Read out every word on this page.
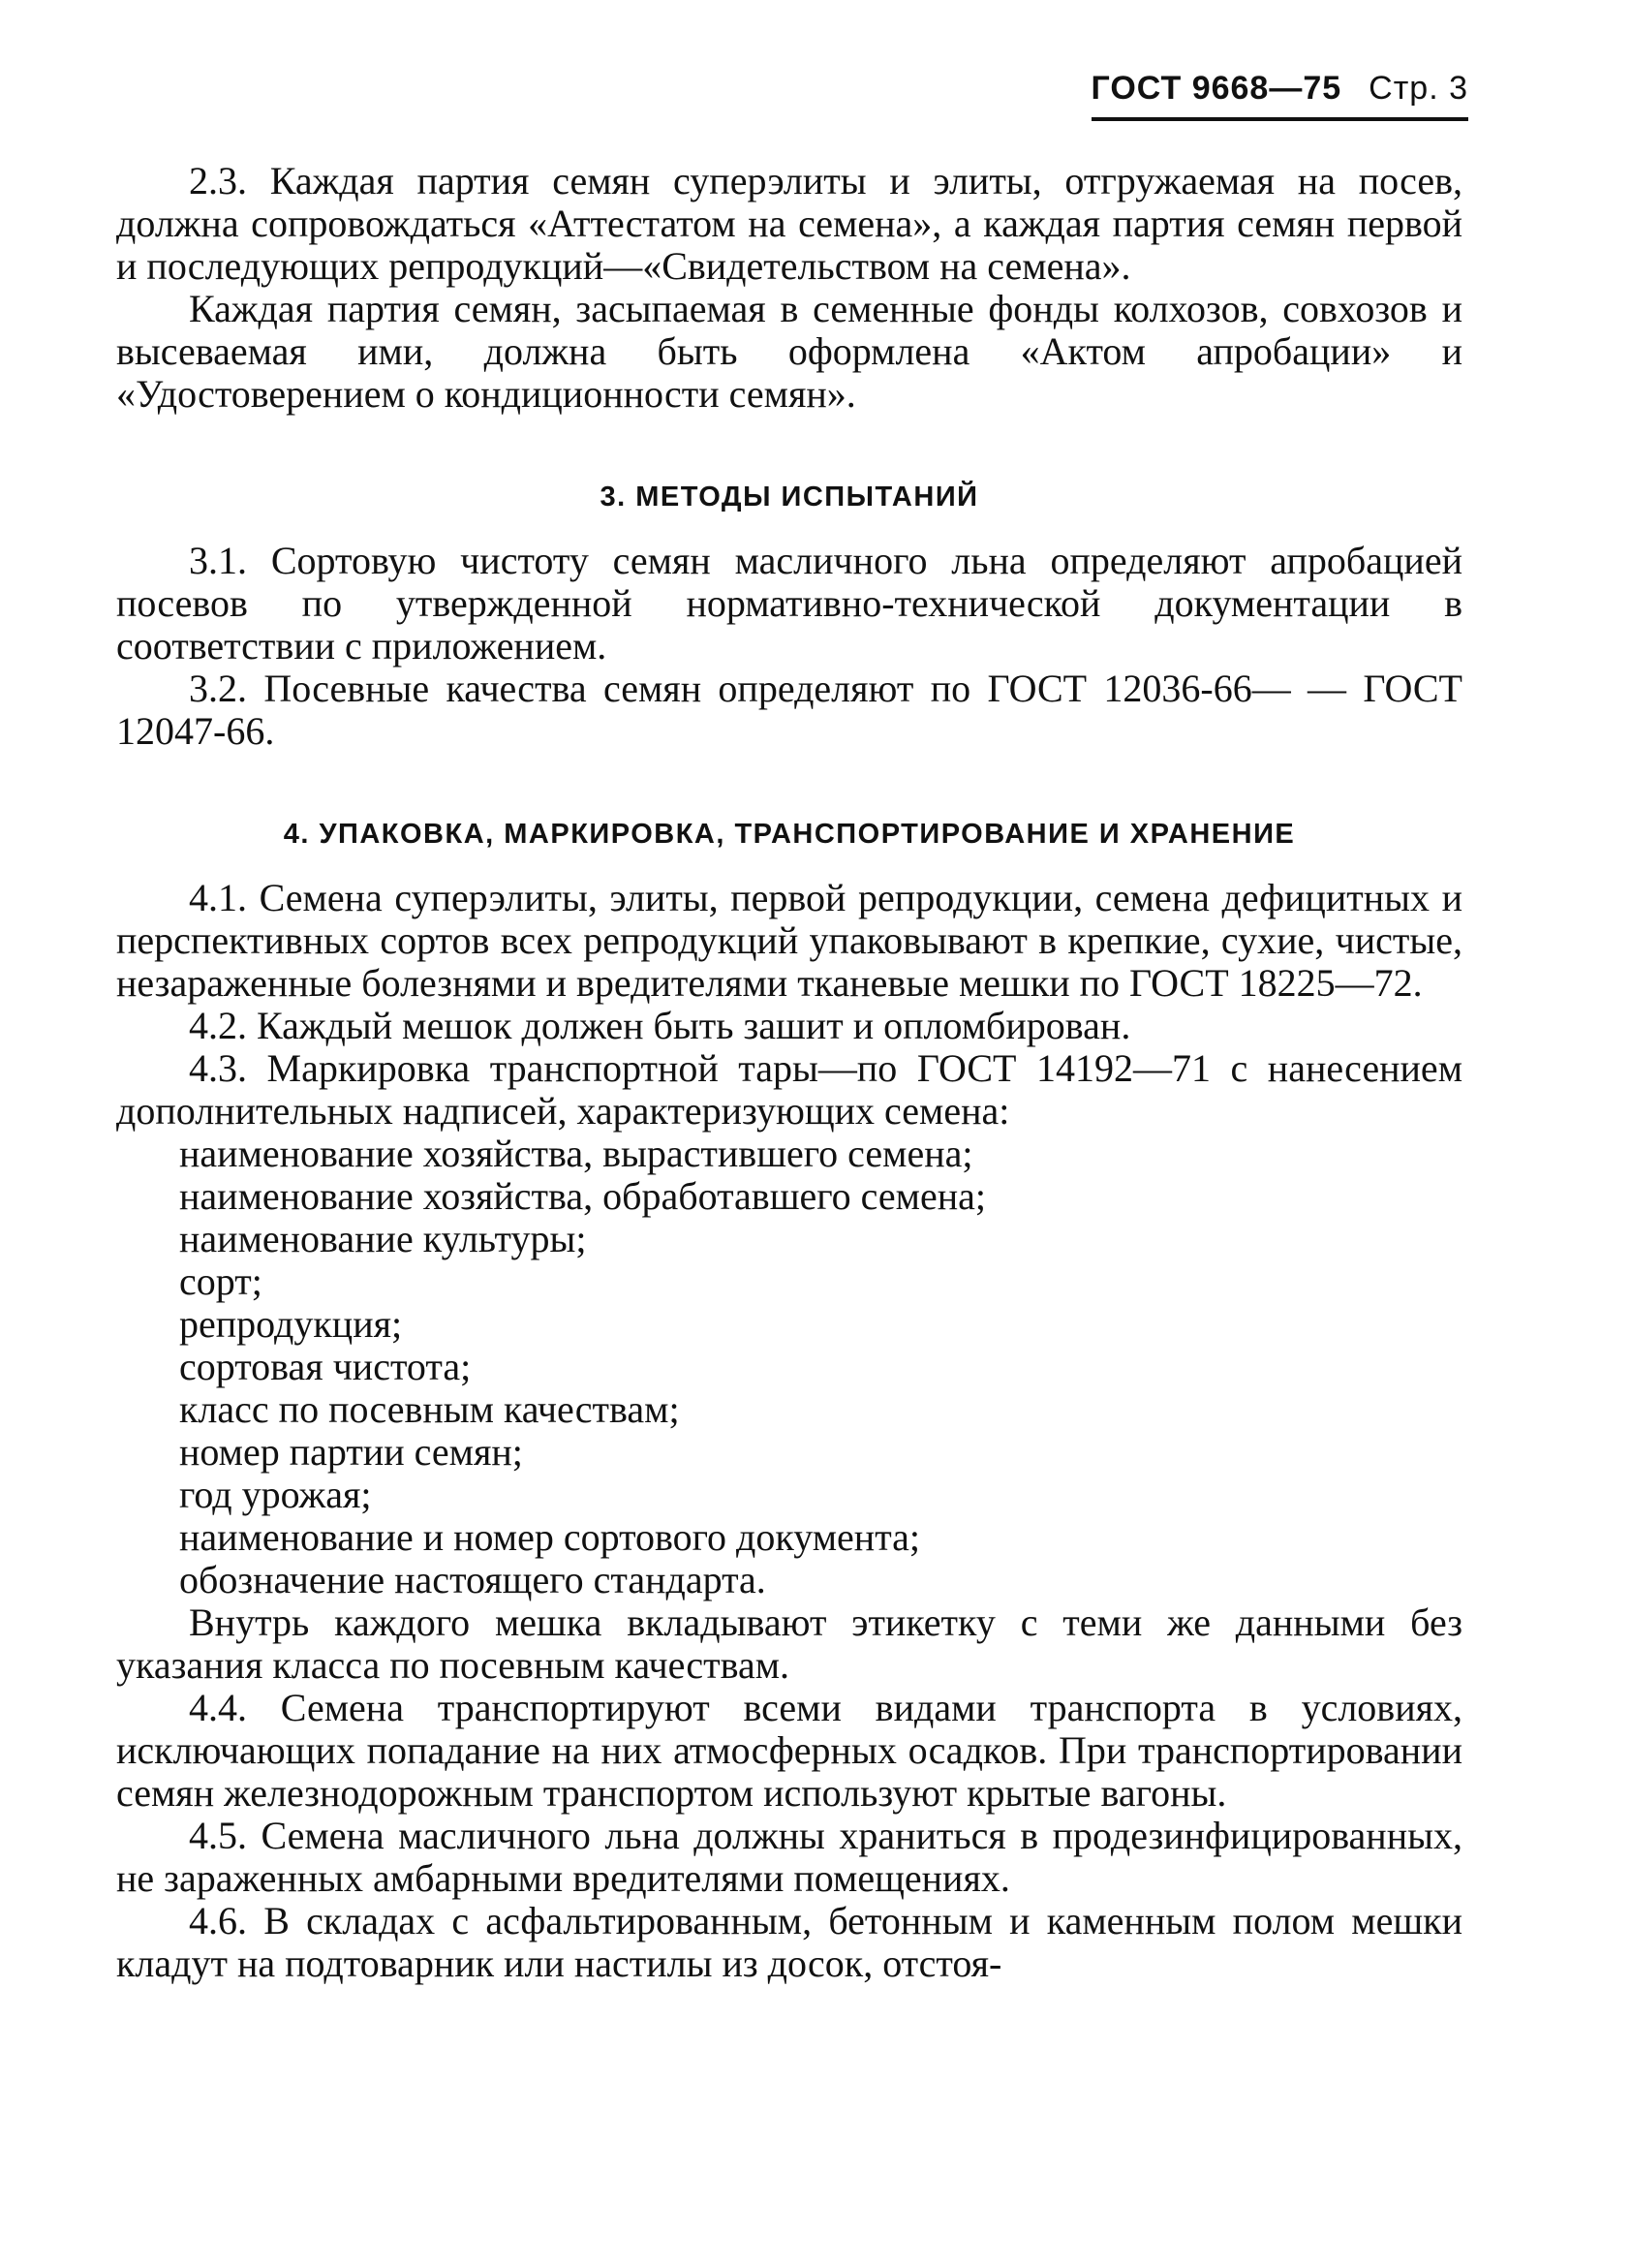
ГОСТ 9668—75 Стр. 3

2.3. Каждая партия семян суперэлиты и элиты, отгружаемая на посев, должна сопровождаться «Аттестатом на семена», а каждая партия семян первой и последующих репродукций—«Свидетельством на семена».

Каждая партия семян, засыпаемая в семенные фонды колхозов, совхозов и высеваемая ими, должна быть оформлена «Актом апробации» и «Удостоверением о кондиционности семян».

3. МЕТОДЫ ИСПЫТАНИЙ

3.1. Сортовую чистоту семян масличного льна определяют апробацией посевов по утвержденной нормативно-технической документации в соответствии с приложением.

3.2. Посевные качества семян определяют по ГОСТ 12036-66— — ГОСТ 12047-66.

4. УПАКОВКА, МАРКИРОВКА, ТРАНСПОРТИРОВАНИЕ И ХРАНЕНИЕ

4.1. Семена суперэлиты, элиты, первой репродукции, семена дефицитных и перспективных сортов всех репродукций упаковывают в крепкие, сухие, чистые, незараженные болезнями и вредителями тканевые мешки по ГОСТ 18225—72.

4.2. Каждый мешок должен быть зашит и опломбирован.

4.3. Маркировка транспортной тары—по ГОСТ 14192—71 с нанесением дополнительных надписей, характеризующих семена:

наименование хозяйства, вырастившего семена;
наименование хозяйства, обработавшего семена;
наименование культуры;
сорт;
репродукция;
сортовая чистота;
класс по посевным качествам;
номер партии семян;
год урожая;
наименование и номер сортового документа;
обозначение настоящего стандарта.

Внутрь каждого мешка вкладывают этикетку с теми же данными без указания класса по посевным качествам.

4.4. Семена транспортируют всеми видами транспорта в условиях, исключающих попадание на них атмосферных осадков. При транспортировании семян железнодорожным транспортом используют крытые вагоны.

4.5. Семена масличного льна должны храниться в продезинфицированных, не зараженных амбарными вредителями помещениях.

4.6. В складах с асфальтированным, бетонным и каменным полом мешки кладут на подтоварник или настилы из досок, отстоя-
